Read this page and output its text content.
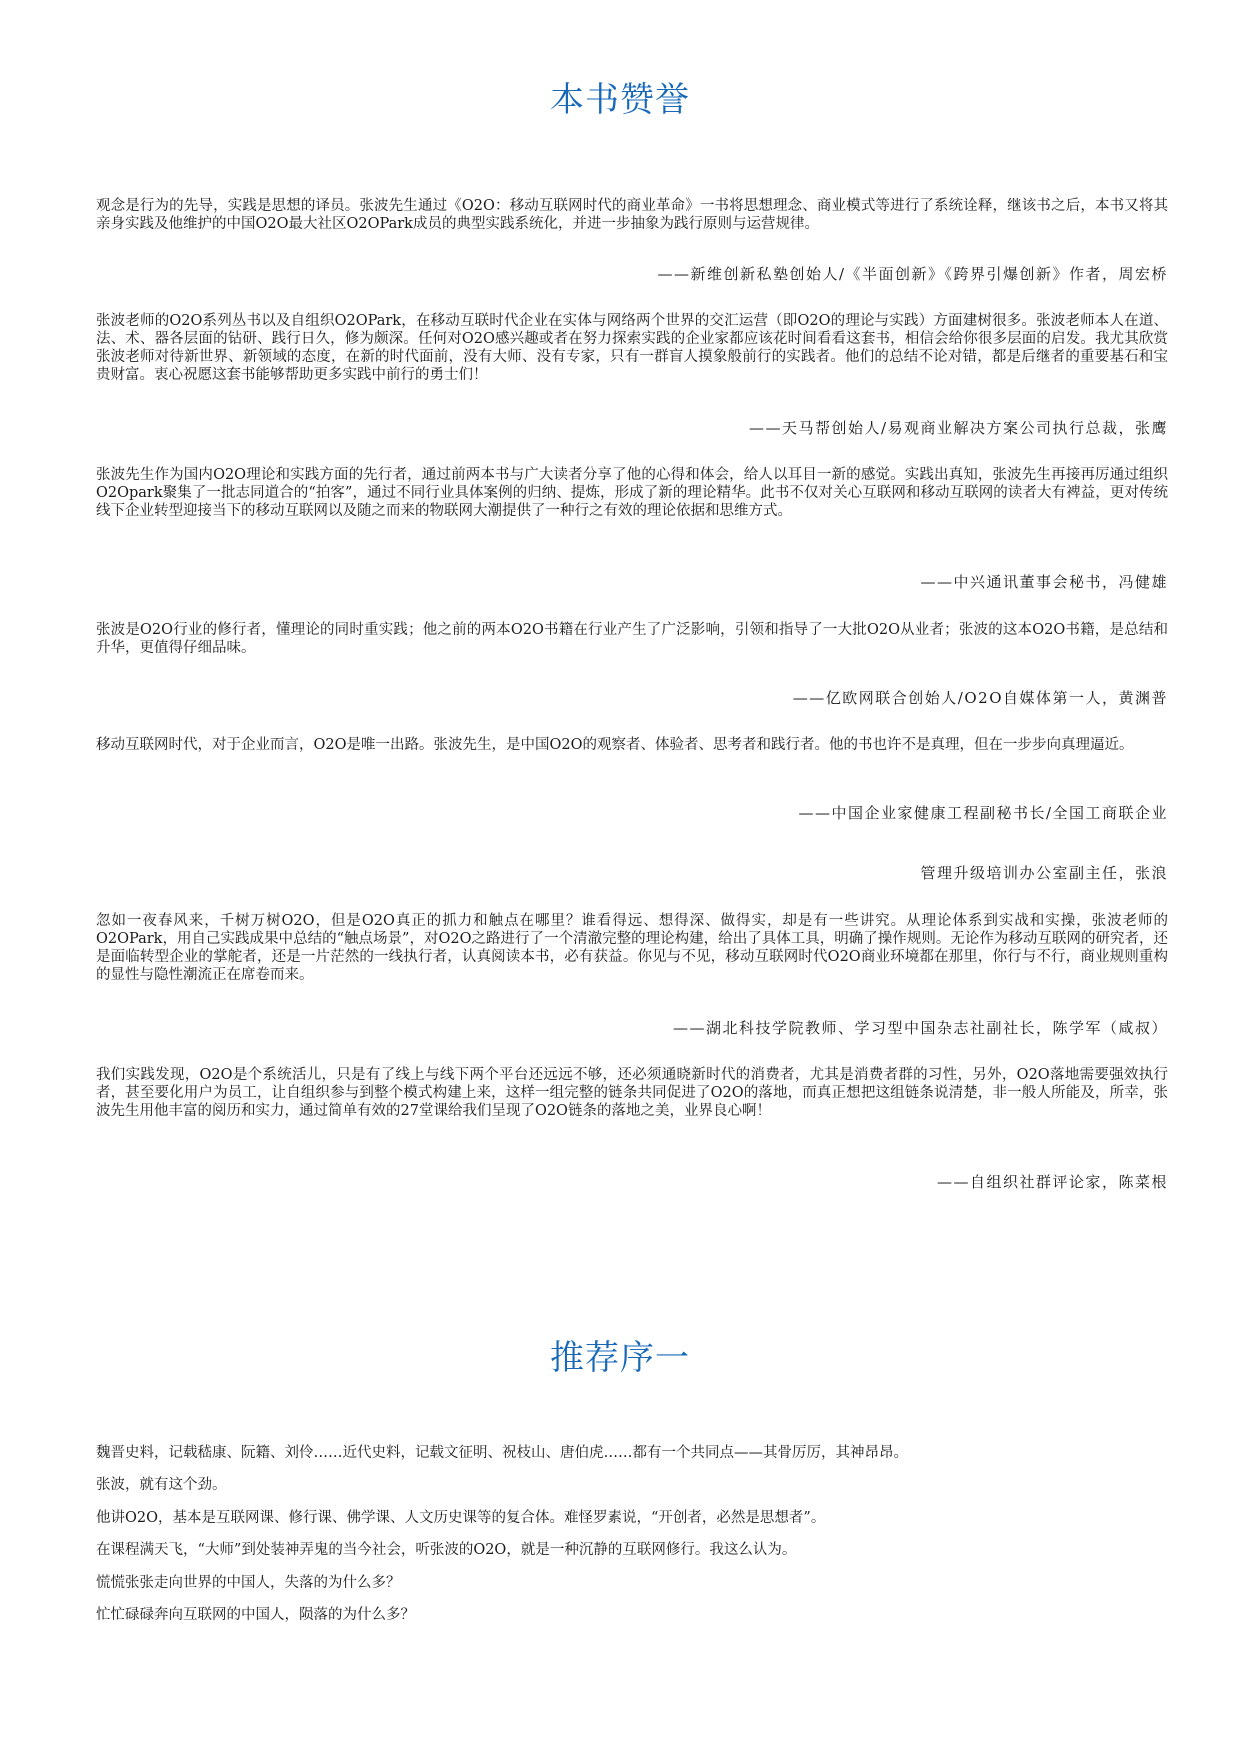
本书赞誉

观念是行为的先导，实践是思想的译员。张波先生通过《O2O：移动互联网时代的商业革命》一书将思想理念、商业模式等进行了系统诠释，继该书之后，本书又将其亲身实践及他维护的中国O2O最大社区O2OPark成员的典型实践系统化，并进一步抽象为践行原则与运营规律。

——新维创新私塾创始人/《半面创新》《跨界引爆创新》作者，周宏桥

张波老师的O2O系列丛书以及自组织O2OPark，在移动互联时代企业在实体与网络两个世界的交汇运营（即O2O的理论与实践）方面建树很多。张波老师本人在道、法、术、器各层面的钻研、践行日久，修为颇深。任何对O2O感兴趣或者在努力探索实践的企业家都应该花时间看看这套书，相信会给你很多层面的启发。我尤其欣赏张波老师对待新世界、新领域的态度，在新的时代面前，没有大师、没有专家，只有一群盲人摸象般前行的实践者。他们的总结不论对错，都是后继者的重要基石和宝贵财富。衷心祝愿这套书能够帮助更多实践中前行的勇士们！

——天马帮创始人/易观商业解决方案公司执行总裁，张鹰

张波先生作为国内O2O理论和实践方面的先行者，通过前两本书与广大读者分享了他的心得和体会，给人以耳目一新的感觉。实践出真知，张波先生再接再厉通过组织O2Opark聚集了一批志同道合的“拍客”，通过不同行业具体案例的归纳、提炼，形成了新的理论精华。此书不仅对关心互联网和移动互联网的读者大有裨益，更对传统线下企业转型迎接当下的移动互联网以及随之而来的物联网大潮提供了一种行之有效的理论依据和思维方式。

——中兴通讯董事会秘书，冯健雄

张波是O2O行业的修行者，懂理论的同时重实践；他之前的两本O2O书籍在行业产生了广泛影响，引领和指导了一大批O2O从业者；张波的这本O2O书籍，是总结和升华，更值得仔细品味。

——亿欧网联合创始人/O2O自媒体第一人，黄渊普

移动互联网时代，对于企业而言，O2O是唯一出路。张波先生，是中国O2O的观察者、体验者、思考者和践行者。他的书也许不是真理，但在一步步向真理逼近。

——中国企业家健康工程副秘书长/全国工商联企业

管理升级培训办公室副主任，张浪

忽如一夜春风来，千树万树O2O，但是O2O真正的抓力和触点在哪里？谁看得远、想得深、做得实，却是有一些讲究。从理论体系到实战和实操，张波老师的O2OPark，用自己实践成果中总结的“触点场景”，对O2O之路进行了一个清澈完整的理论构建，给出了具体工具，明确了操作规则。无论作为移动互联网的研究者，还是面临转型企业的掌舵者，还是一片茫然的一线执行者，认真阅读本书，必有获益。你见与不见，移动互联网时代O2O商业环境都在那里，你行与不行，商业规则重构的显性与隐性潮流正在席卷而来。

——湖北科技学院教师、学习型中国杂志社副社长，陈学军（咸叔）

我们实践发现，O2O是个系统活儿，只是有了线上与线下两个平台还远远不够，还必须通晓新时代的消费者，尤其是消费者群的习性，另外，O2O落地需要强效执行者，甚至要化用户为员工，让自组织参与到整个模式构建上来，这样一组完整的链条共同促进了O2O的落地，而真正想把这组链条说清楚，非一般人所能及，所幸，张波先生用他丰富的阅历和实力，通过简单有效的27堂课给我们呈现了O2O链条的落地之美，业界良心啊！

——自组织社群评论家，陈菜根

推荐序一

魏晋史料，记载嵇康、阮籍、刘伶……近代史料，记载文征明、祝枝山、唐伯虎……都有一个共同点——其骨厉厉，其神昂昂。

张波，就有这个劲。

他讲O2O，基本是互联网课、修行课、佛学课、人文历史课等的复合体。难怪罗素说，“开创者，必然是思想者”。

在课程满天飞，“大师”到处装神弄鬼的当今社会，听张波的O2O，就是一种沉静的互联网修行。我这么认为。

慌慌张张走向世界的中国人，失落的为什么多？

忙忙碌碌奔向互联网的中国人，陨落的为什么多？
